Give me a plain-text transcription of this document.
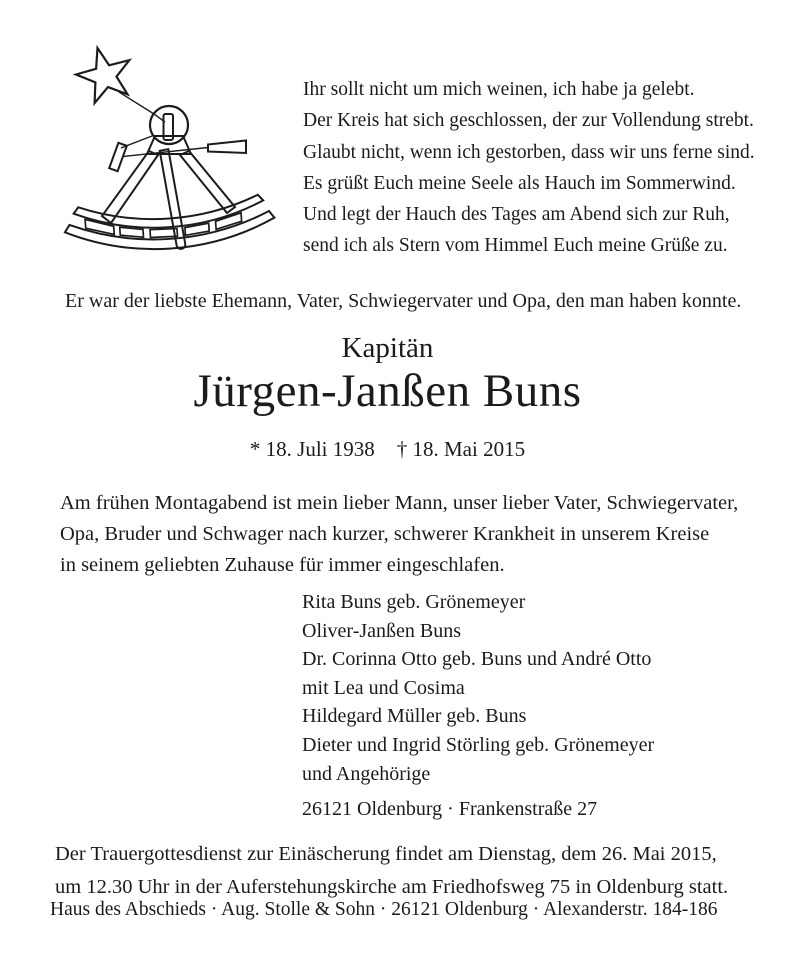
Ihr sollt nicht um mich weinen, ich habe ja gelebt.
Der Kreis hat sich geschlossen, der zur Vollendung strebt.
Glaubt nicht, wenn ich gestorben, dass wir uns ferne sind.
Es grüßt Euch meine Seele als Hauch im Sommerwind.
Und legt der Hauch des Tages am Abend sich zur Ruh,
send ich als Stern vom Himmel Euch meine Grüße zu.
Er war der liebste Ehemann, Vater, Schwiegervater und Opa, den man haben konnte.
Kapitän
Jürgen-Janßen Buns
* 18. Juli 1938 † 18. Mai 2015
Am frühen Montagabend ist mein lieber Mann, unser lieber Vater, Schwiegervater,
Opa, Bruder und Schwager nach kurzer, schwerer Krankheit in unserem Kreise
in seinem geliebten Zuhause für immer eingeschlafen.
Rita Buns geb. Grönemeyer
Oliver-Janßen Buns
Dr. Corinna Otto geb. Buns und André Otto
mit Lea und Cosima
Hildegard Müller geb. Buns
Dieter und Ingrid Störling geb. Grönemeyer
und Angehörige
26121 Oldenburg · Frankenstraße 27
Der Trauergottesdienst zur Einäscherung findet am Dienstag, dem 26. Mai 2015,
um 12.30 Uhr in der Auferstehungskirche am Friedhofsweg 75 in Oldenburg statt.
Haus des Abschieds · Aug. Stolle & Sohn · 26121 Oldenburg · Alexanderstr. 184-186
